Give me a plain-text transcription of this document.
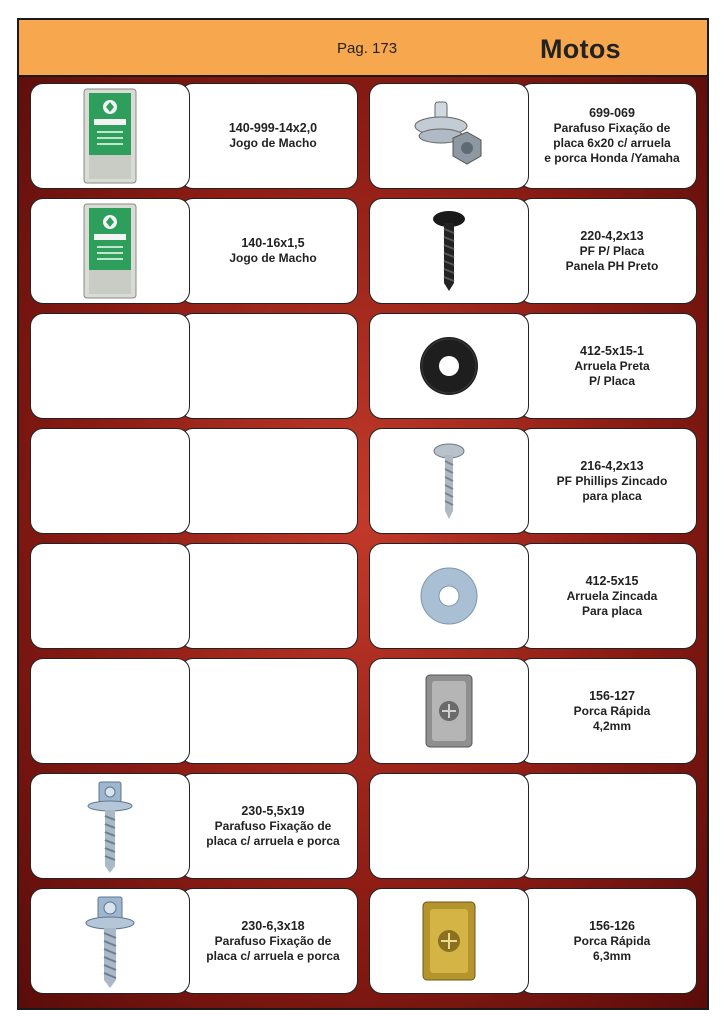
Pag. 173	Motos
140-999-14x2,0
Jogo de Macho
140-16x1,5
Jogo de Macho
230-5,5x19
Parafuso Fixação de
placa c/ arruela e porca
230-6,3x18
Parafuso Fixação de
placa c/ arruela e porca
699-069
Parafuso Fixação de
placa 6x20 c/ arruela
e porca Honda /Yamaha
220-4,2x13
PF P/ Placa
Panela PH Preto
412-5x15-1
Arruela Preta
P/ Placa
216-4,2x13
PF Phillips Zincado
para placa
412-5x15
Arruela Zincada
Para placa
156-127
Porca Rápida
4,2mm
156-126
Porca Rápida
6,3mm
